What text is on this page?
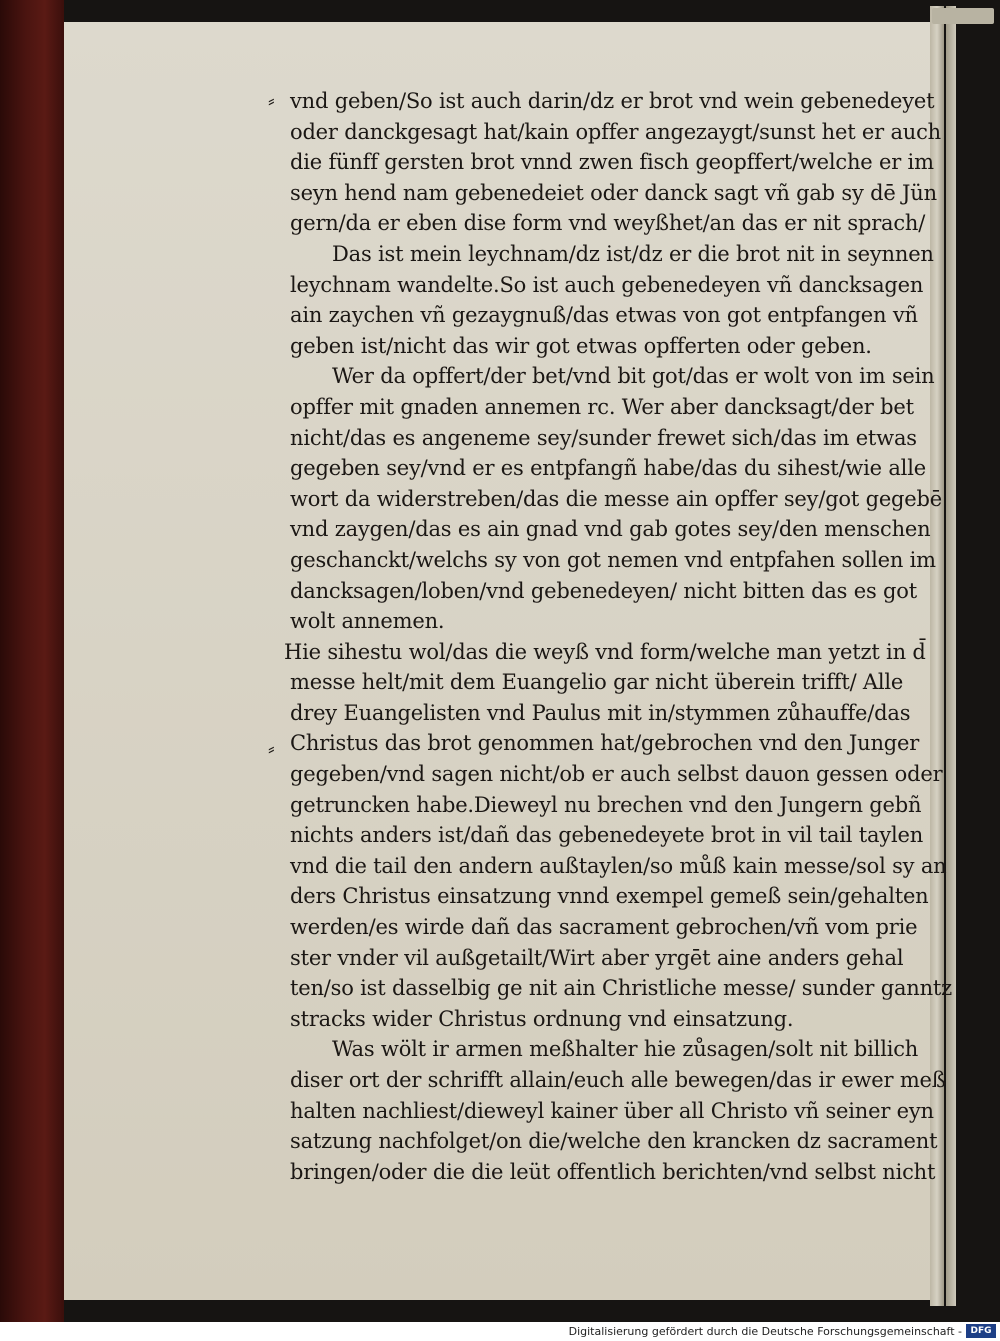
⸗
⸗
vnd geben/So ist auch darin/dz er brot vnd wein gebenedeyet
oder danckgesagt hat/kain opffer angezaygt/sunst het er auch
die fünff gersten brot vnnd zwen fisch geopffert/welche er im
seyn hend nam gebenedeiet oder danck sagt vñ gab sy dē Jün
gern/da er eben dise form vnd weyßhet/an das er nit sprach/
Das ist mein leychnam/dz ist/dz er die brot nit in seynnen
leychnam wandelte.So ist auch gebenedeyen vñ dancksagen
ain zaychen vñ gezaygnuß/das etwas von got entpfangen vñ
geben ist/nicht das wir got etwas opfferten oder geben.
Wer da opffert/der bet/vnd bit got/das er wolt von im sein
opffer mit gnaden annemen rc. Wer aber dancksagt/der bet
nicht/das es angeneme sey/sunder frewet sich/das im etwas
gegeben sey/vnd er es entpfangñ habe/das du sihest/wie alle
wort da widerstreben/das die messe ain opffer sey/got gegebē
vnd zaygen/das es ain gnad vnd gab gotes sey/den menschen
geschanckt/welchs sy von got nemen vnd entpfahen sollen im
dancksagen/loben/vnd gebenedeyen/ nicht bitten das es got
wolt annemen.
Hie sihestu wol/das die weyß vnd form/welche man yetzt in d̄
messe helt/mit dem Euangelio gar nicht überein trifft/ Alle
drey Euangelisten vnd Paulus mit in/stymmen zůhauffe/das
Christus das brot genommen hat/gebrochen vnd den Junger
gegeben/vnd sagen nicht/ob er auch selbst dauon gessen oder
getruncken habe.Dieweyl nu brechen vnd den Jungern gebñ
nichts anders ist/dañ das gebenedeyete brot in vil tail taylen
vnd die tail den andern außtaylen/so můß kain messe/sol sy an
ders Christus einsatzung vnnd exempel gemeß sein/gehalten
werden/es wirde dañ das sacrament gebrochen/vñ vom prie
ster vnder vil außgetailt/Wirt aber yrgēt aine anders gehal
ten/so ist dasselbig ge nit ain Christliche messe/ sunder ganntz
stracks wider Christus ordnung vnd einsatzung.
Was wölt ir armen meßhalter hie zůsagen/solt nit billich
diser ort der schrifft allain/euch alle bewegen/das ir ewer meß
halten nachliest/dieweyl kainer über all Christo vñ seiner eyn
satzung nachfolget/on die/welche den krancken dz sacrament
bringen/oder die die leüt offentlich berichten/vnd selbst nicht
Digitalisierung gefördert durch die Deutsche Forschungsgemeinschaft - DFG
